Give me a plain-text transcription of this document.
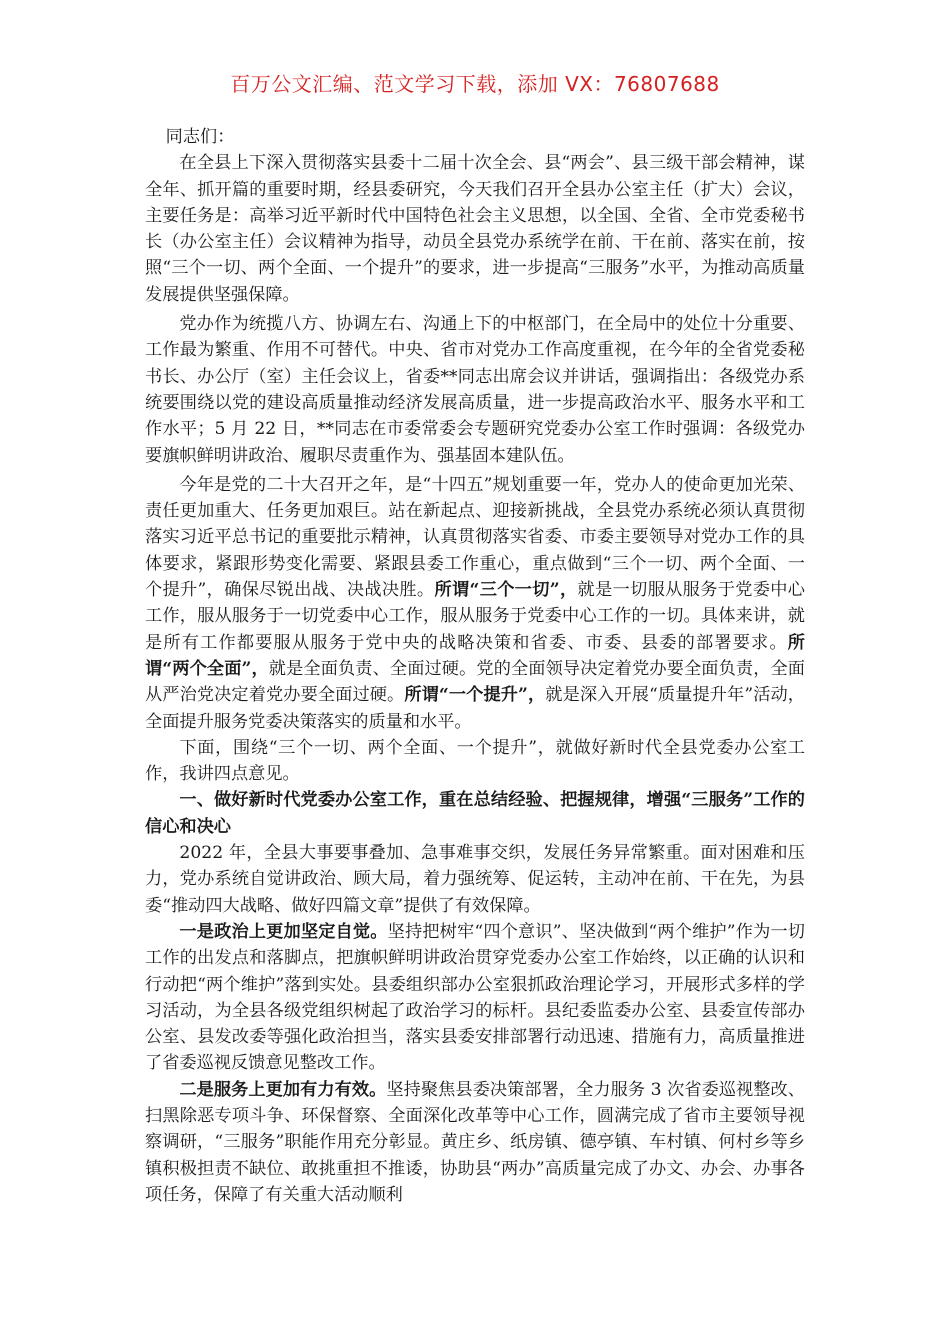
百万公文汇编、范文学习下载，添加 VX：76807688

同志们：

在全县上下深入贯彻落实县委十二届十次全会、县“两会”、县三级干部会精神，谋全年、抓开篇的重要时期，经县委研究，今天我们召开全县办公室主任（扩大）会议，主要任务是：高举习近平新时代中国特色社会主义思想，以全国、全省、全市党委秘书长（办公室主任）会议精神为指导，动员全县党办系统学在前、干在前、落实在前，按照“三个一切、两个全面、一个提升”的要求，进一步提高“三服务”水平，为推动高质量发展提供坚强保障。

党办作为统揽八方、协调左右、沟通上下的中枢部门，在全局中的处位十分重要、工作最为繁重、作用不可替代。中央、省市对党办工作高度重视，在今年的全省党委秘书长、办公厅（室）主任会议上，省委**同志出席会议并讲话，强调指出：各级党办系统要围绕以党的建设高质量推动经济发展高质量，进一步提高政治水平、服务水平和工作水平；5 月 22 日，**同志在市委常委会专题研究党委办公室工作时强调：各级党办要旗帜鲜明讲政治、履职尽责重作为、强基固本建队伍。

今年是党的二十大召开之年，是“十四五”规划重要一年，党办人的使命更加光荣、责任更加重大、任务更加艰巨。站在新起点、迎接新挑战，全县党办系统必须认真贯彻落实习近平总书记的重要批示精神，认真贯彻落实省委、市委主要领导对党办工作的具体要求，紧跟形势变化需要、紧跟县委工作重心，重点做到“三个一切、两个全面、一个提升”，确保尽锐出战、决战决胜。所谓“三个一切”，就是一切服从服务于党委中心工作，服从服务于一切党委中心工作，服从服务于党委中心工作的一切。具体来讲，就是所有工作都要服从服务于党中央的战略决策和省委、市委、县委的部署要求。所谓“两个全面”，就是全面负责、全面过硬。党的全面领导决定着党办要全面负责，全面从严治党决定着党办要全面过硬。所谓“一个提升”，就是深入开展“质量提升年”活动，全面提升服务党委决策落实的质量和水平。

下面，围绕“三个一切、两个全面、一个提升”，就做好新时代全县党委办公室工作，我讲四点意见。

一、做好新时代党委办公室工作，重在总结经验、把握规律，增强“三服务”工作的信心和决心

2022 年，全县大事要事叠加、急事难事交织，发展任务异常繁重。面对困难和压力，党办系统自觉讲政治、顾大局，着力强统筹、促运转，主动冲在前、干在先，为县委“推动四大战略、做好四篇文章”提供了有效保障。

一是政治上更加坚定自觉。坚持把树牢“四个意识”、坚决做到“两个维护”作为一切工作的出发点和落脚点，把旗帜鲜明讲政治贯穿党委办公室工作始终，以正确的认识和行动把“两个维护”落到实处。县委组织部办公室狠抓政治理论学习，开展形式多样的学习活动，为全县各级党组织树起了政治学习的标杆。县纪委监委办公室、县委宣传部办公室、县发改委等强化政治担当，落实县委安排部署行动迅速、措施有力，高质量推进了省委巡视反馈意见整改工作。

二是服务上更加有力有效。坚持聚焦县委决策部署，全力服务 3 次省委巡视整改、扫黑除恶专项斗争、环保督察、全面深化改革等中心工作，圆满完成了省市主要领导视察调研，“三服务”职能作用充分彰显。黄庄乡、纸房镇、德亭镇、车村镇、何村乡等乡镇积极担责不缺位、敢挑重担不推诿，协助县“两办”高质量完成了办文、办会、办事各项任务，保障了有关重大活动顺利
